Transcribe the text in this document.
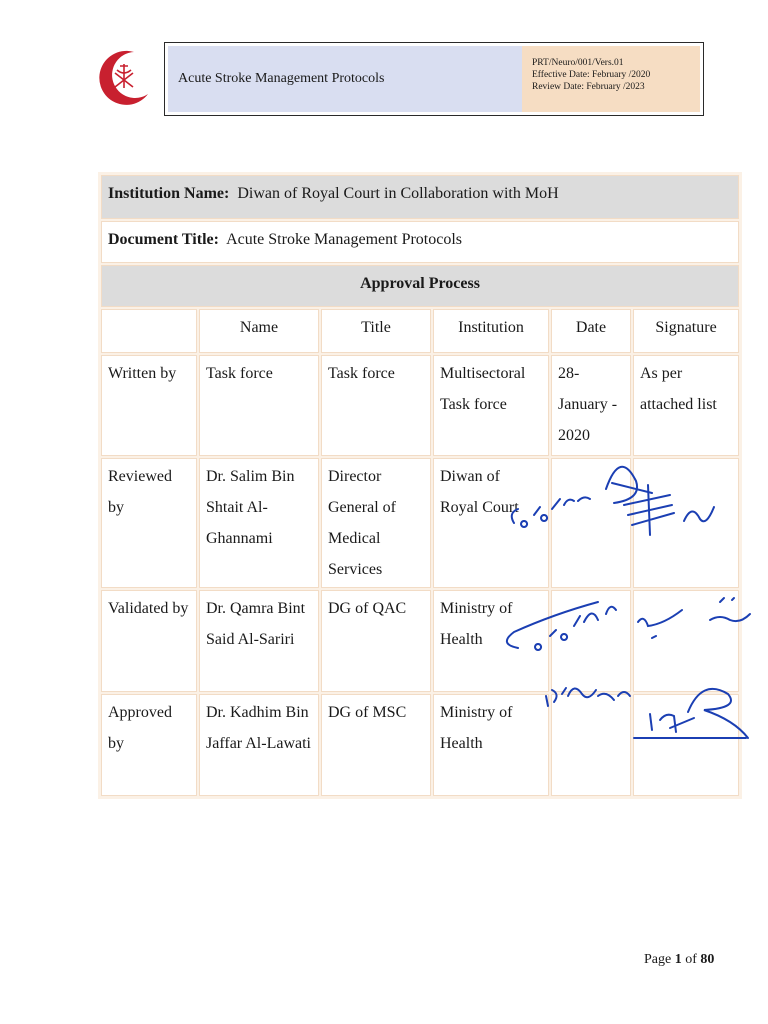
Acute Stroke Management Protocols
PRT/Neuro/001/Vers.01
Effective Date: February /2020
Review Date: February /2023
Institution Name: Diwan of Royal Court in Collaboration with MoH					
Document Title: Acute Stroke Management Protocols					
Approval Process					
	Name	Title	Institution	Date	Signature
Written by	Task force	Task force	Multisectoral Task force	28-January - 2020	As per attached list
Reviewed by	Dr. Salim Bin Shtait Al-Ghannami	Director General of Medical Services	Diwan of Royal Court		
Validated by	Dr. Qamra Bint Said Al-Sariri	DG of QAC	Ministry of Health		
Approved by	Dr. Kadhim Bin Jaffar Al-Lawati	DG of MSC	Ministry of Health		
Page 1 of 80
